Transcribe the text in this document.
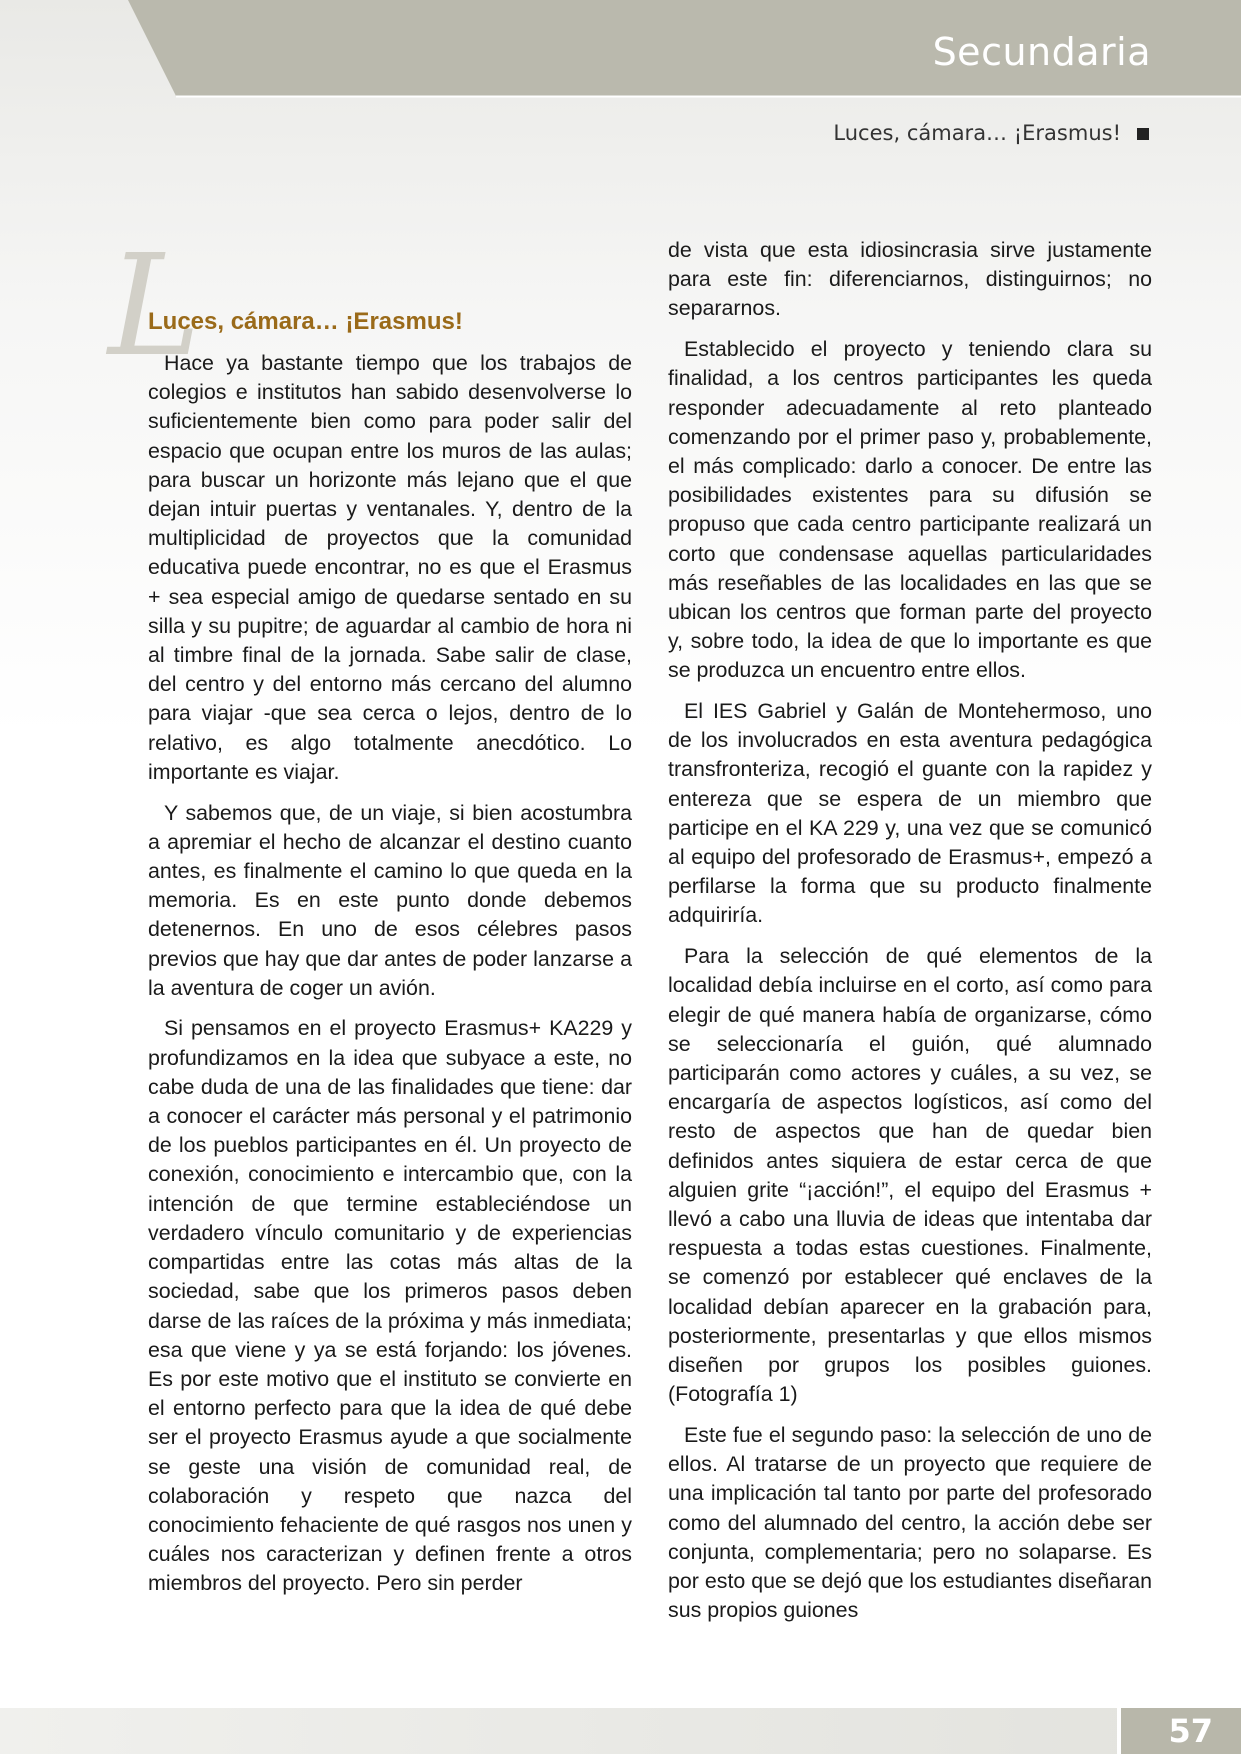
Secundaria
Luces, cámara… ¡Erasmus!
L
Luces, cámara… ¡Erasmus!

Hace ya bastante tiempo que los trabajos de colegios e institutos han sabido desenvolverse lo suficientemente bien como para poder salir del espacio que ocupan entre los muros de las aulas; para buscar un horizonte más lejano que el que dejan intuir puertas y ventanales. Y, dentro de la multiplicidad de proyectos que la comunidad educativa puede encontrar, no es que el Erasmus + sea especial amigo de quedarse sentado en su silla y su pupitre; de aguardar al cambio de hora ni al timbre final de la jornada. Sabe salir de clase, del centro y del entorno más cercano del alumno para viajar -que sea cerca o lejos, dentro de lo relativo, es algo totalmente anecdótico. Lo importante es viajar.

Y sabemos que, de un viaje, si bien acostumbra a apremiar el hecho de alcanzar el destino cuanto antes, es finalmente el camino lo que queda en la memoria. Es en este punto donde debemos detenernos. En uno de esos célebres pasos previos que hay que dar antes de poder lanzarse a la aventura de coger un avión.

Si pensamos en el proyecto Erasmus+ KA229 y profundizamos en la idea que subyace a este, no cabe duda de una de las finalidades que tiene: dar a conocer el carácter más personal y el patrimonio de los pueblos participantes en él. Un proyecto de conexión, conocimiento e intercambio que, con la intención de que termine estableciéndose un verdadero vínculo comunitario y de experiencias compartidas entre las cotas más altas de la sociedad, sabe que los primeros pasos deben darse de las raíces de la próxima y más inmediata; esa que viene y ya se está forjando: los jóvenes. Es por este motivo que el instituto se convierte en el entorno perfecto para que la idea de qué debe ser el proyecto Erasmus ayude a que socialmente se geste una visión de comunidad real, de colaboración y respeto que nazca del conocimiento fehaciente de qué rasgos nos unen y cuáles nos caracterizan y definen frente a otros miembros del proyecto. Pero sin perder

de vista que esta idiosincrasia sirve justamente para este fin: diferenciarnos, distinguirnos; no separarnos.

Establecido el proyecto y teniendo clara su finalidad, a los centros participantes les queda responder adecuadamente al reto planteado comenzando por el primer paso y, probablemente, el más complicado: darlo a conocer. De entre las posibilidades existentes para su difusión se propuso que cada centro participante realizará un corto que condensase aquellas particularidades más reseñables de las localidades en las que se ubican los centros que forman parte del proyecto y, sobre todo, la idea de que lo importante es que se produzca un encuentro entre ellos.

El IES Gabriel y Galán de Montehermoso, uno de los involucrados en esta aventura pedagógica transfronteriza, recogió el guante con la rapidez y entereza que se espera de un miembro que participe en el KA 229 y, una vez que se comunicó al equipo del profesorado de Erasmus+, empezó a perfilarse la forma que su producto finalmente adquiriría.

Para la selección de qué elementos de la localidad debía incluirse en el corto, así como para elegir de qué manera había de organizarse, cómo se seleccionaría el guión, qué alumnado participarán como actores y cuáles, a su vez, se encargaría de aspectos logísticos, así como del resto de aspectos que han de quedar bien definidos antes siquiera de estar cerca de que alguien grite “¡acción!”, el equipo del Erasmus + llevó a cabo una lluvia de ideas que intentaba dar respuesta a todas estas cuestiones. Finalmente, se comenzó por establecer qué enclaves de la localidad debían aparecer en la grabación para, posteriormente, presentarlas y que ellos mismos diseñen por grupos los posibles guiones. (Fotografía 1)

Este fue el segundo paso: la selección de uno de ellos. Al tratarse de un proyecto que requiere de una implicación tal tanto por parte del profesorado como del alumnado del centro, la acción debe ser conjunta, complementaria; pero no solaparse. Es por esto que se dejó que los estudiantes diseñaran sus propios guiones

57
